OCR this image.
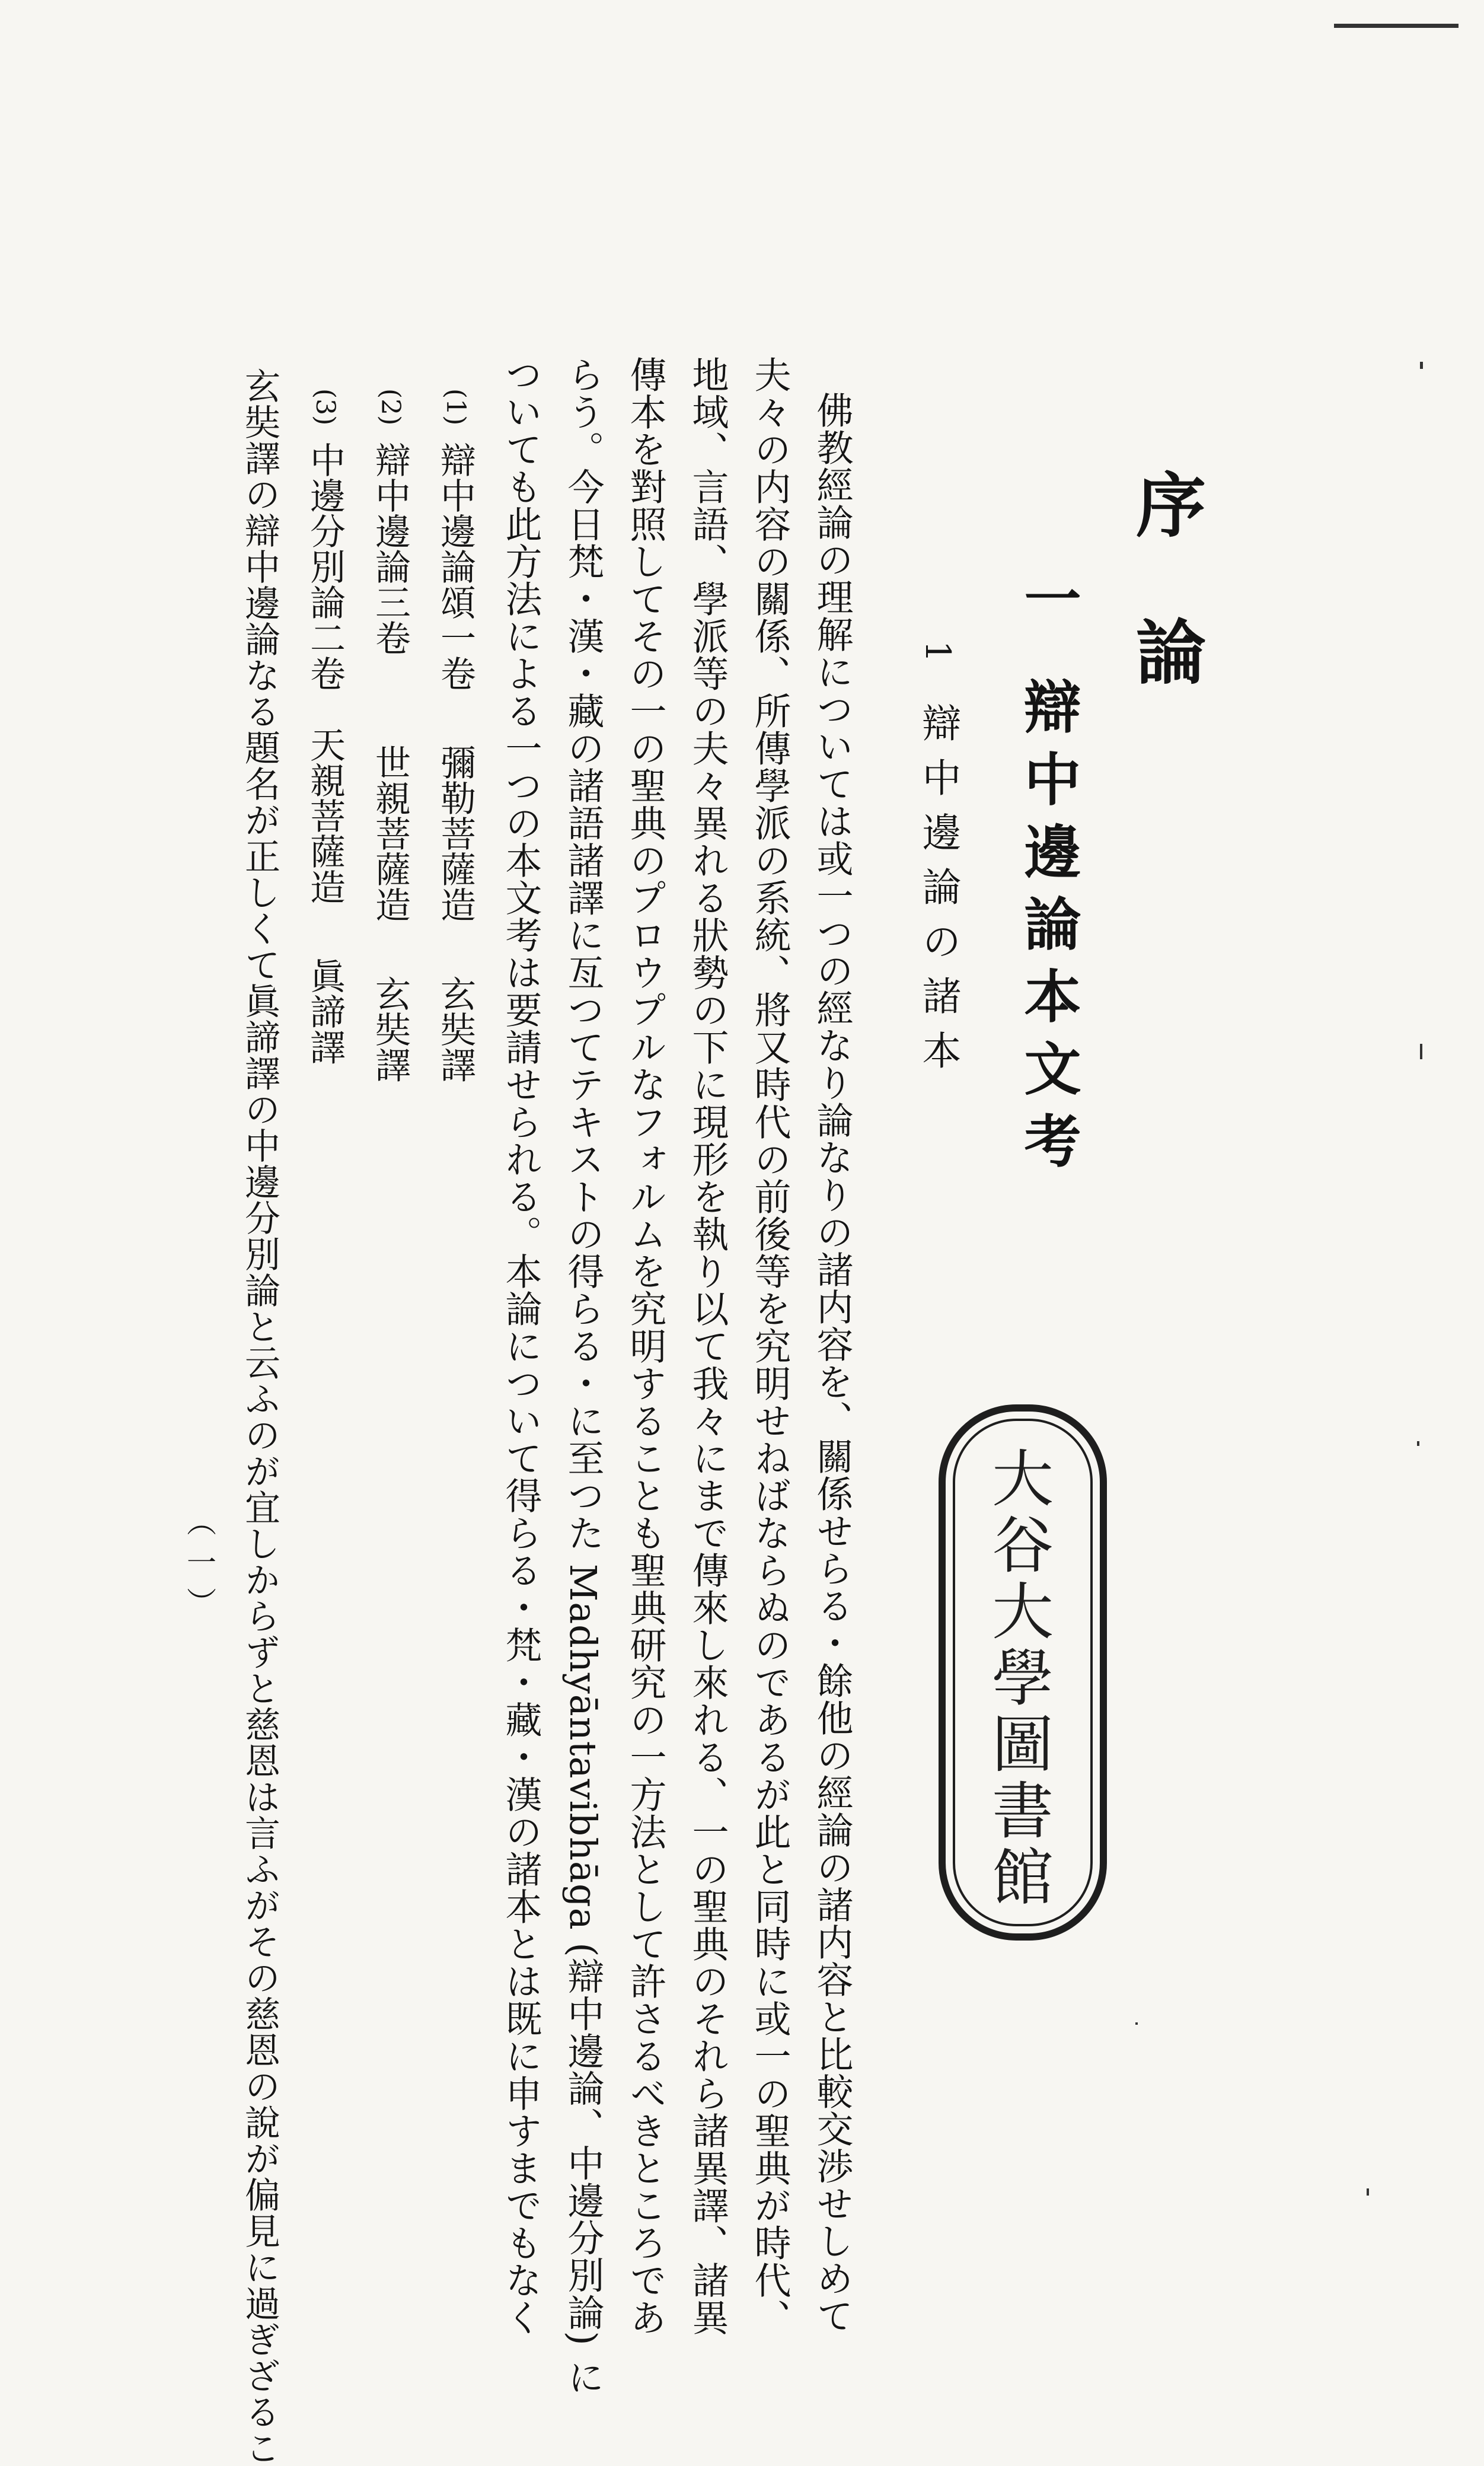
序論
一辯中邊論本文考
1辯中邊論の諸本
佛教經論の理解については或一つの經なり論なりの諸内容を、關係せらる・餘他の經論の諸内容と比較交渉せしめて
夫々の内容の關係、所傳學派の系統、將又時代の前後等を究明せねばならぬのであるが此と同時に或一の聖典が時代、
地域、言語、學派等の夫々異れる狀勢の下に現形を執り以て我々にまで傳來し來れる、一の聖典のそれら諸異譯、諸異
傳本を對照してその一の聖典のプロウプルなフォルムを究明することも聖典研究の一方法として許さるべきところであ
らう。今日梵・漢・藏の諸語諸譯に亙つてテキストの得らる・に至つた Madhyāntavibhāga (辯中邊論、中邊分別論) に
ついても此方法による一つの本文考は要請せられる。本論について得らる・梵・藏・漢の諸本とは既に申すまでもなく
(1)辯中邊論頌一卷彌勒菩薩造玄奘譯
(2)辯中邊論三卷世親菩薩造玄奘譯
(3)中邊分別論二卷天親菩薩造眞諦譯
玄奘譯の辯中邊論なる題名が正しくて眞諦譯の中邊分別論と云ふのが宜しからずと慈恩は言ふがその慈恩の說が偏見に過ぎざるこ
（一）
大
谷
大
學
圖
書
館
